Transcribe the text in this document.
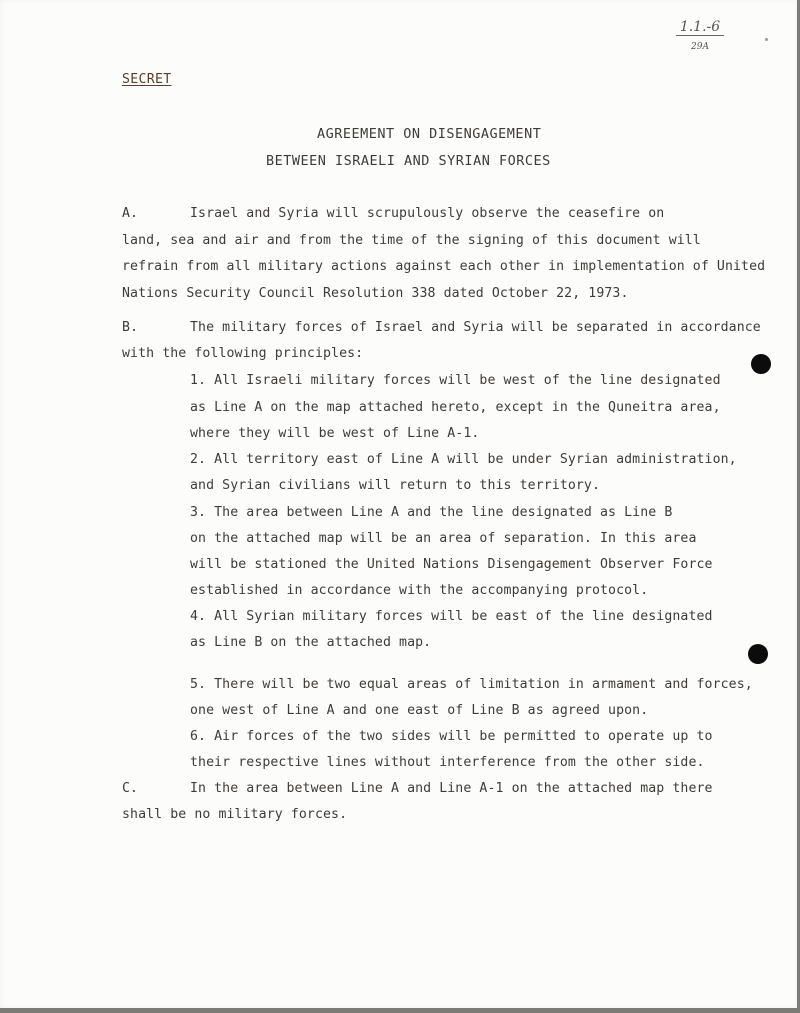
1.1.-6
29A
SECRET
AGREEMENT ON DISENGAGEMENT
BETWEEN ISRAELI AND SYRIAN FORCES
A.	Israel and Syria will scrupulously observe the ceasefire on
land, sea and air and from the time of the signing of this document will
refrain from all military actions against each other in implementation of United
Nations Security Council Resolution 338 dated October 22, 1973.
B.	The military forces of Israel and Syria will be separated in accordance
with the following principles:
1. All Israeli military forces will be west of the line designated
as Line A on the map attached hereto, except in the Quneitra area,
where they will be west of Line A-1.
2. All territory east of Line A will be under Syrian administration,
and Syrian civilians will return to this territory.
3. The area between Line A and the line designated as Line B
on the attached map will be an area of separation. In this area
will be stationed the United Nations Disengagement Observer Force
established in accordance with the accompanying protocol.
4. All Syrian military forces will be east of the line designated
as Line B on the attached map.
5. There will be two equal areas of limitation in armament and forces,
one west of Line A and one east of Line B as agreed upon.
6. Air forces of the two sides will be permitted to operate up to
their respective lines without interference from the other side.
C.	In the area between Line A and Line A-1 on the attached map there
shall be no military forces.
